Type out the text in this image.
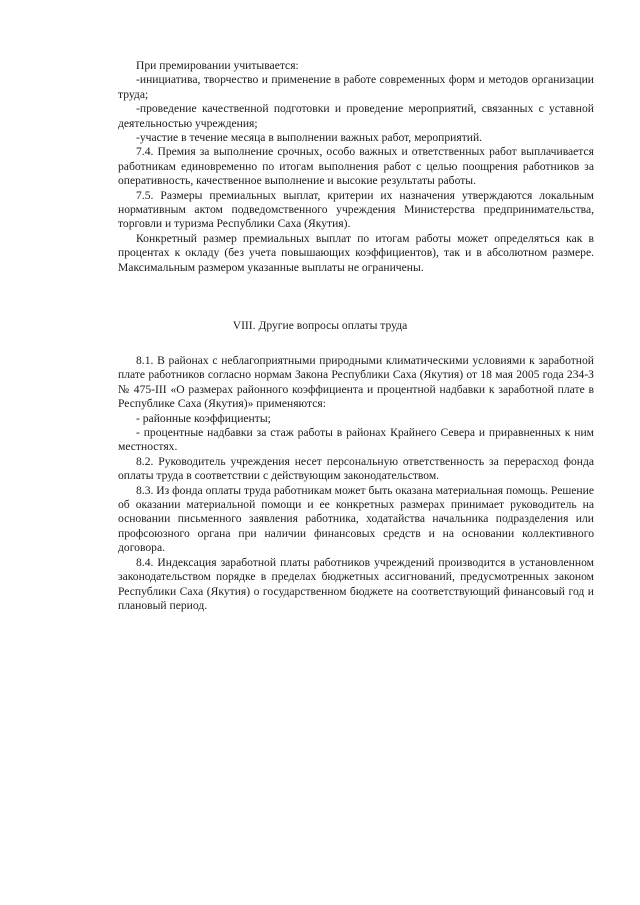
При премировании учитывается:

-инициатива, творчество и применение в работе современных форм и методов организации труда;

-проведение качественной подготовки и проведение мероприятий, связанных с уставной деятельностью учреждения;

-участие в течение месяца в выполнении важных работ, мероприятий.

7.4. Премия за выполнение срочных, особо важных и ответственных работ выплачивается работникам единовременно по итогам выполнения работ с целью поощрения работников за оперативность, качественное выполнение и высокие результаты работы.

7.5. Размеры премиальных выплат, критерии их назначения утверждаются локальным нормативным актом подведомственного учреждения Министерства предпринимательства, торговли и туризма Республики Саха (Якутия).

Конкретный размер премиальных выплат по итогам работы может определяться как в процентах к окладу (без учета повышающих коэффициентов), так и в абсолютном размере. Максимальным размером указанные выплаты не ограничены.

VIII. Другие вопросы оплаты труда

8.1. В районах с неблагоприятными природными климатическими условиями к заработной плате работников согласно нормам Закона Республики Саха (Якутия) от 18 мая 2005 года 234-З № 475-III «О размерах районного коэффициента и процентной надбавки к заработной плате в Республике Саха (Якутия)» применяются:

- районные коэффициенты;

- процентные надбавки за стаж работы в районах Крайнего Севера и приравненных к ним местностях.

8.2. Руководитель учреждения несет персональную ответственность за перерасход фонда оплаты труда в соответствии с действующим законодательством.

8.3. Из фонда оплаты труда работникам может быть оказана материальная помощь. Решение об оказании материальной помощи и ее конкретных размерах принимает руководитель на основании письменного заявления работника, ходатайства начальника подразделения или профсоюзного органа при наличии финансовых средств и на основании коллективного договора.

8.4. Индексация заработной платы работников учреждений производится в установленном законодательством порядке в пределах бюджетных ассигнований, предусмотренных законом Республики Саха (Якутия) о государственном бюджете на соответствующий финансовый год и плановый период.
